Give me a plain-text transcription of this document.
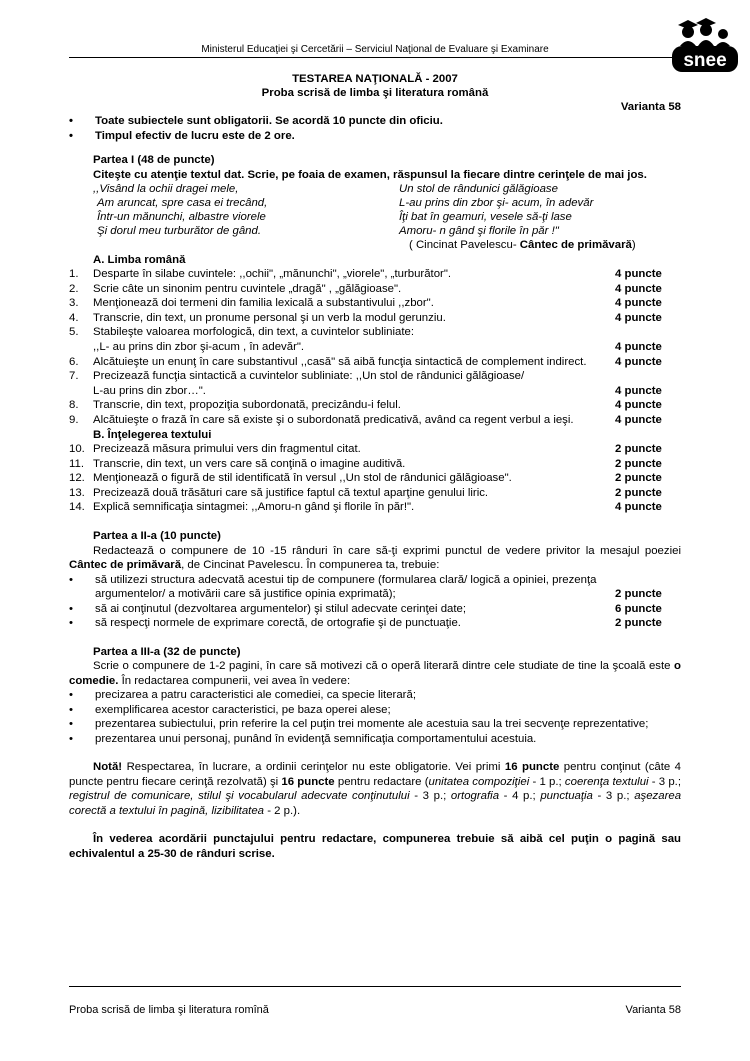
Ministerul Educaţiei şi Cercetării – Serviciul Naţional de Evaluare şi Examinare
snee
TESTAREA NAŢIONALĂ - 2007
Proba scrisă de limba şi literatura română
Varianta 58
• Toate subiectele sunt obligatorii. Se acordă 10 puncte din oficiu.
• Timpul efectiv de lucru este de 2 ore.
Partea I (48 de puncte)
Citeşte cu atenţie textul dat. Scrie, pe foaia de examen, răspunsul la fiecare dintre cerinţele de mai jos.
,,Visând la ochii dragei mele,
Am aruncat, spre casa ei trecând,
Într-un mănunchi, albastre viorele
Şi dorul meu turburător de gând.
Un stol de rândunici gălăgioase
L-au prins din zbor şi- acum, în adevăr
Îţi bat în geamuri, vesele să-ţi lase
Amoru- n gând şi florile în păr !"
( Cincinat Pavelescu- Cântec de primăvară)
A. Limba română
1.	Desparte în silabe cuvintele: ,,ochii", „mănunchi", „viorele", „turburător".	4 puncte
2.	Scrie câte un sinonim pentru cuvintele „dragă" , „gălăgioase".	4 puncte
3.	Menţionează doi termeni din familia lexicală a substantivului ,,zbor".	4 puncte
4.	Transcrie, din text, un pronume personal şi un verb la modul gerunziu.	4 puncte
5.	Stabileşte valoarea morfologică, din text, a cuvintelor subliniate:
,,L- au prins din zbor şi-acum , în adevăr".	4 puncte
6.	Alcătuieşte un enunţ în care substantivul ,,casă" să aibă funcţia sintactică de complement indirect.	4 puncte
7.	Precizează funcţia sintactică a cuvintelor subliniate: ,,Un stol de rândunici gălăgioase/
L-au prins din zbor…".	4 puncte
8.	Transcrie, din text, propoziţia subordonată, precizându-i felul.	4 puncte
9.	Alcătuieşte o frază în care să existe şi o subordonată predicativă, având ca regent verbul a ieşi.	4 puncte
B. Înţelegerea textului
10. Precizează măsura primului vers din fragmentul citat.	2 puncte
11. Transcrie, din text, un vers care să conţină o imagine auditivă.	2 puncte
12. Menţionează o figură de stil identificată în versul ,,Un stol de rândunici gălăgioase".	2 puncte
13. Precizează două trăsături care să justifice faptul că textul aparţine genului liric.	2 puncte
14. Explică semnificaţia sintagmei: ,,Amoru-n gând şi florile în păr!".	4 puncte
Partea a II-a (10 puncte)
Redactează o compunere de 10 -15 rânduri în care să-ţi exprimi punctul de vedere privitor la mesajul poeziei Cântec de primăvară, de Cincinat Pavelescu. În compunerea ta, trebuie:
• să utilizezi structura adecvată acestui tip de compunere (formularea clară/ logică a opiniei, prezenţa argumentelor/ a motivării care să justifice opinia exprimată);	2 puncte
• să ai conţinutul (dezvoltarea argumentelor) şi stilul adecvate cerinţei date;	6 puncte
• să respecţi normele de exprimare corectă, de ortografie şi de punctuaţie.	2 puncte
Partea a III-a (32 de puncte)
Scrie o compunere de 1-2 pagini, în care să motivezi că o operă literară dintre cele studiate de tine la şcoală este o comedie. În redactarea compunerii, vei avea în vedere:
• precizarea a patru caracteristici ale comediei, ca specie literară;
• exemplificarea acestor caracteristici, pe baza operei alese;
• prezentarea subiectului, prin referire la cel puţin trei momente ale acestuia sau la trei secvenţe reprezentative;
• prezentarea unui personaj, punând în evidenţă semnificaţia comportamentului acestuia.
Notă! Respectarea, în lucrare, a ordinii cerinţelor nu este obligatorie. Vei primi 16 puncte pentru conţinut (câte 4 puncte pentru fiecare cerinţă rezolvată) şi 16 puncte pentru redactare (unitatea compoziţiei - 1 p.; coerenţa textului - 3 p.; registrul de comunicare, stilul şi vocabularul adecvate conţinutului - 3 p.; ortografia - 4 p.; punctuaţia - 3 p.; aşezarea corectă a textului în pagină, lizibilitatea - 2 p.).
În vederea acordării punctajului pentru redactare, compunerea trebuie să aibă cel puţin o pagină sau echivalentul a 25-30 de rânduri scrise.
Proba scrisă de limba şi literatura romînă	Varianta 58
